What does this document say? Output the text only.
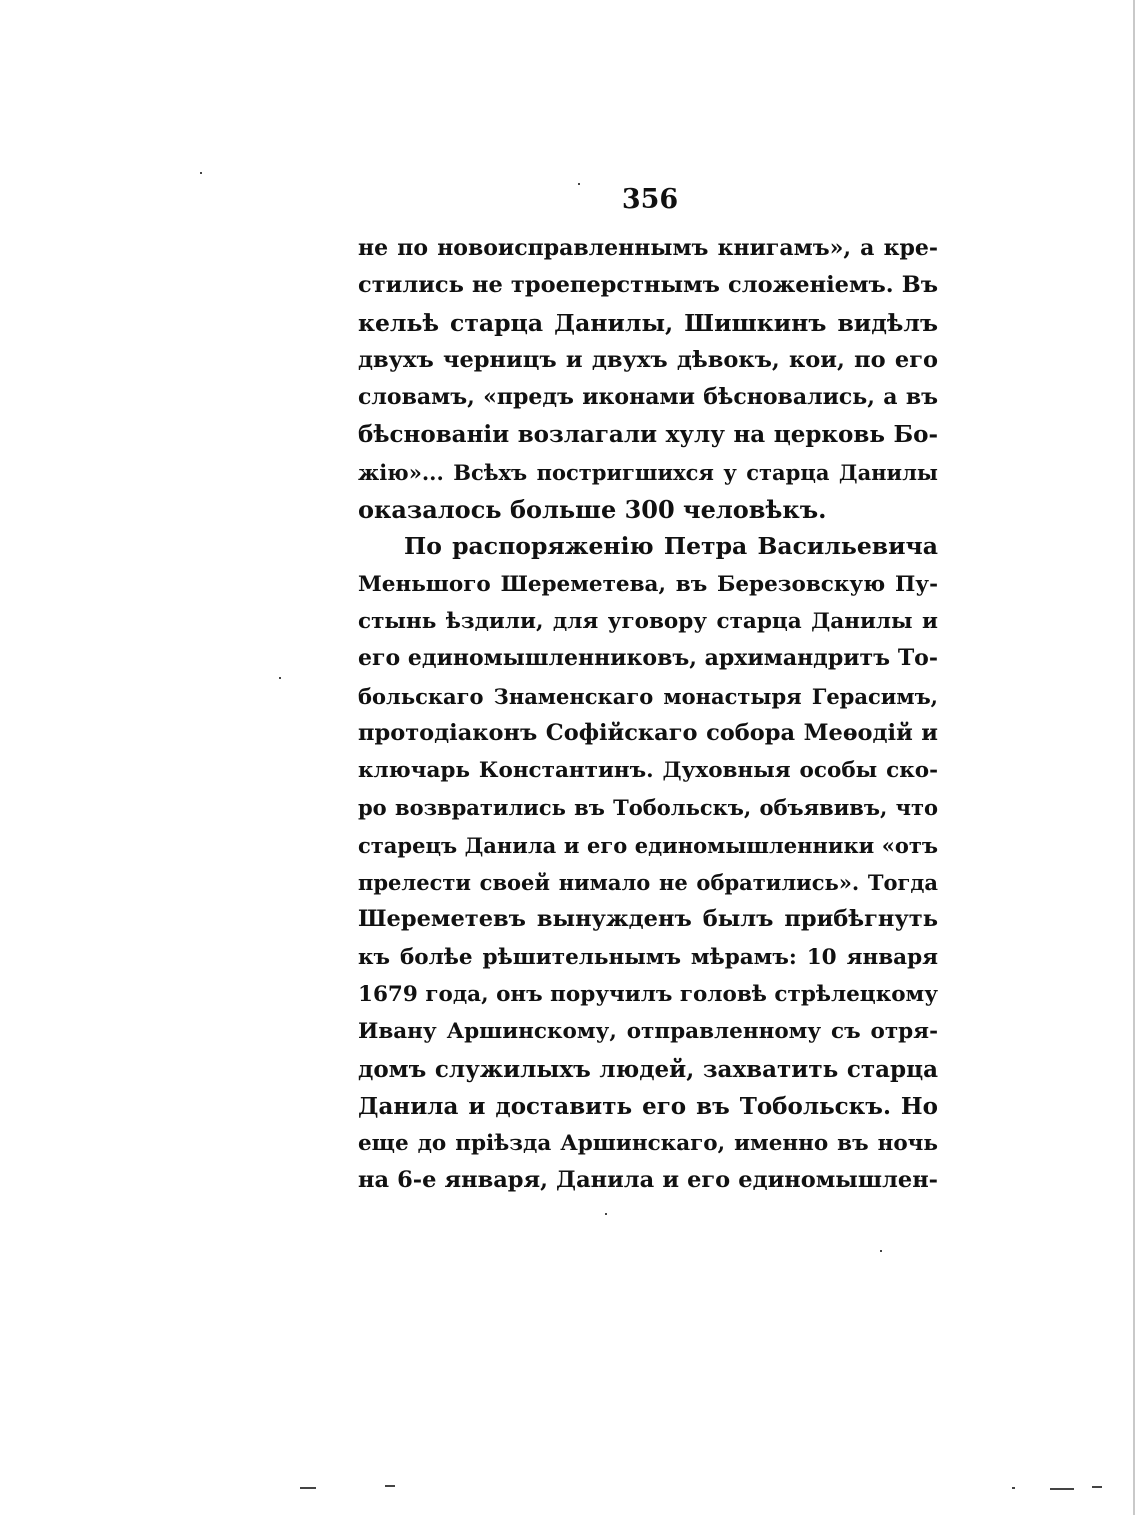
356
не по новоисправленнымъ книгамъ», а кре-
стились не троеперстнымъ сложеніемъ. Въ
кельѣ старца Данилы, Шишкинъ видѣлъ
двухъ черницъ и двухъ дѣвокъ, кои, по его
словамъ, «предъ иконами бѣсновались, а въ
бѣснованіи возлагали хулу на церковь Бо-
жію»... Всѣхъ постригшихся у старца Данилы
оказалось больше 300 человѣкъ.
По распоряженію Петра Васильевича
Меньшого Шереметева, въ Березовскую Пу-
стынь ѣздили, для уговору старца Данилы и
его единомышленниковъ, архимандритъ То-
больскаго Знаменскаго монастыря Герасимъ,
протодіаконъ Софійскаго собора Меѳодій и
ключарь Константинъ. Духовныя особы ско-
ро возвратились въ Тобольскъ, объявивъ, что
старецъ Данила и его единомышленники «отъ
прелести своей нимало не обратились». Тогда
Шереметевъ вынужденъ былъ прибѣгнуть
къ болѣе рѣшительнымъ мѣрамъ: 10 января
1679 года, онъ поручилъ головѣ стрѣлецкому
Ивану Аршинскому, отправленному съ отря-
домъ служилыхъ людей, захватить старца
Данила и доставить его въ Тобольскъ. Но
еще до пріѣзда Аршинскаго, именно въ ночь
на 6-е января, Данила и его единомышлен-
